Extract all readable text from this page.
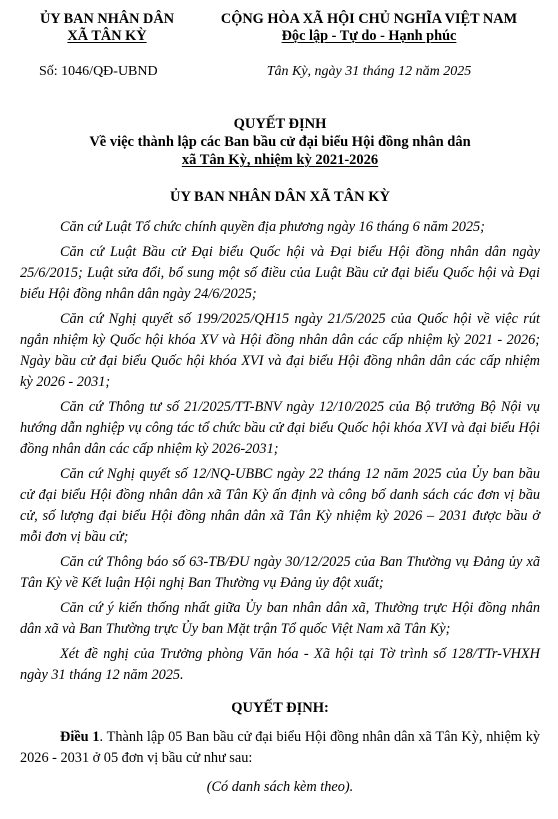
ỦY BAN NHÂN DÂN
XÃ TÂN KỲ
CỘNG HÒA XÃ HỘI CHỦ NGHĨA VIỆT NAM
Độc lập - Tự do - Hạnh phúc
Số: 1046/QĐ-UBND	Tân Kỳ, ngày 31 tháng 12 năm 2025
QUYẾT ĐỊNH
Về việc thành lập các Ban bầu cử đại biểu Hội đồng nhân dân
xã Tân Kỳ, nhiệm kỳ 2021-2026
ỦY BAN NHÂN DÂN XÃ TÂN KỲ

Căn cứ Luật Tổ chức chính quyền địa phương ngày 16 tháng 6 năm 2025;

Căn cứ Luật Bầu cử Đại biểu Quốc hội và Đại biểu Hội đồng nhân dân ngày 25/6/2015; Luật sửa đổi, bổ sung một số điều của Luật Bầu cử đại biểu Quốc hội và Đại biểu Hội đồng nhân dân ngày 24/6/2025;

Căn cứ Nghị quyết số 199/2025/QH15 ngày 21/5/2025 của Quốc hội về việc rút ngắn nhiệm kỳ Quốc hội khóa XV và Hội đồng nhân dân các cấp nhiệm kỳ 2021 - 2026; Ngày bầu cử đại biểu Quốc hội khóa XVI và đại biểu Hội đồng nhân dân các cấp nhiệm kỳ 2026 - 2031;

Căn cứ Thông tư số 21/2025/TT-BNV ngày 12/10/2025 của Bộ trưởng Bộ Nội vụ hướng dẫn nghiệp vụ công tác tổ chức bầu cử đại biểu Quốc hội khóa XVI và đại biểu Hội đồng nhân dân các cấp nhiệm kỳ 2026-2031;

Căn cứ Nghị quyết số 12/NQ-UBBC ngày 22 tháng 12 năm 2025 của Ủy ban bầu cử đại biểu Hội đồng nhân dân xã Tân Kỳ ấn định và công bố danh sách các đơn vị bầu cử, số lượng đại biểu Hội đồng nhân dân xã Tân Kỳ nhiệm kỳ 2026 – 2031 được bầu ở mỗi đơn vị bầu cử;

Căn cứ Thông báo số 63-TB/ĐU ngày 30/12/2025 của Ban Thường vụ Đảng ủy xã Tân Kỳ về Kết luận Hội nghị Ban Thường vụ Đảng ủy đột xuất;

Căn cứ ý kiến thống nhất giữa Ủy ban nhân dân xã, Thường trực Hội đồng nhân dân xã và Ban Thường trực Ủy ban Mặt trận Tổ quốc Việt Nam xã Tân Kỳ;

Xét đề nghị của Trưởng phòng Văn hóa - Xã hội tại Tờ trình số 128/TTr-VHXH ngày 31 tháng 12 năm 2025.

QUYẾT ĐỊNH:

Điều 1. Thành lập 05 Ban bầu cử đại biểu Hội đồng nhân dân xã Tân Kỳ, nhiệm kỳ 2026 - 2031 ở 05 đơn vị bầu cử như sau:

(Có danh sách kèm theo).
